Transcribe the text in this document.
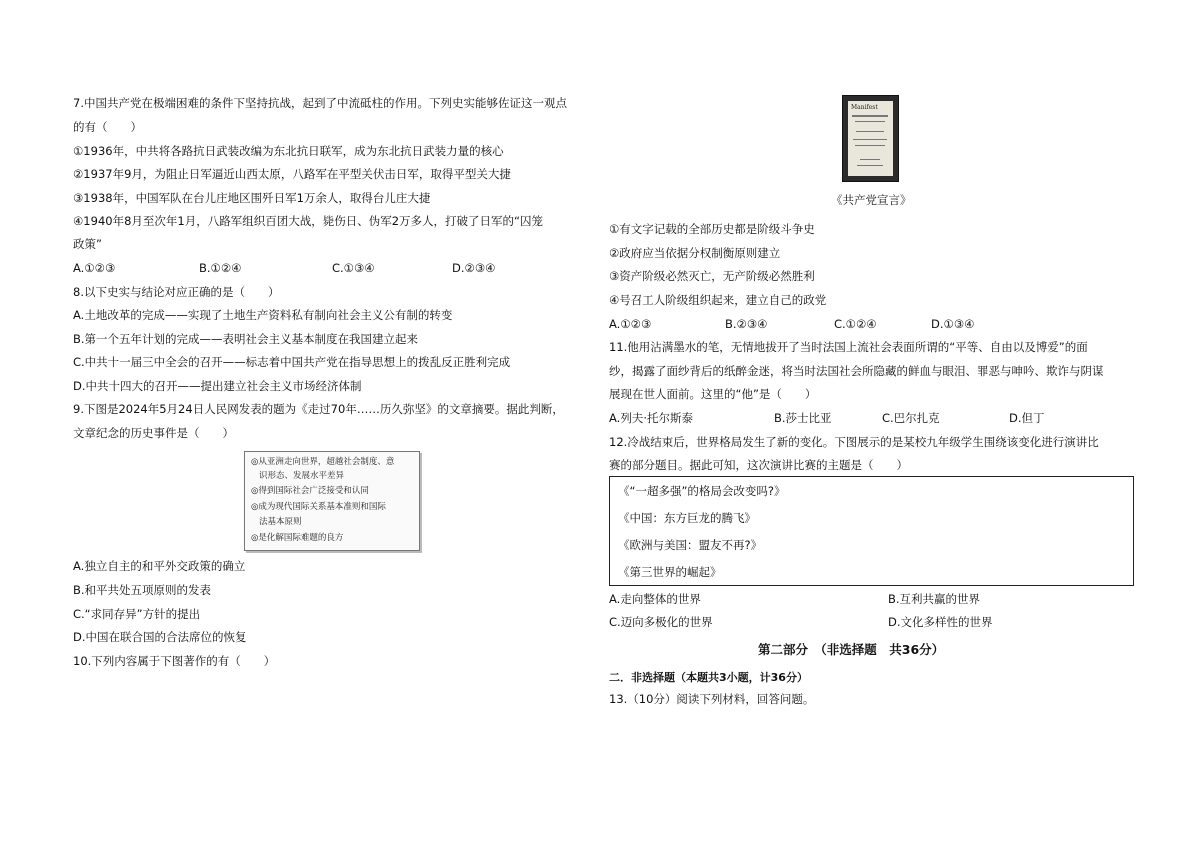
7.中国共产党在极端困难的条件下坚持抗战，起到了中流砥柱的作用。下列史实能够佐证这一观点
的有（　　）
①1936年，中共将各路抗日武装改编为东北抗日联军，成为东北抗日武装力量的核心
②1937年9月，为阻止日军逼近山西太原，八路军在平型关伏击日军，取得平型关大捷
③1938年，中国军队在台儿庄地区围歼日军1万余人，取得台儿庄大捷
④1940年8月至次年1月，八路军组织百团大战，毙伤日、伪军2万多人，打破了日军的“囚笼
政策”
A.①②③	B.①②④	C.①③④	D.②③④
8.以下史实与结论对应正确的是（　　）
A.土地改革的完成——实现了土地生产资料私有制向社会主义公有制的转变
B.第一个五年计划的完成——表明社会主义基本制度在我国建立起来
C.中共十一届三中全会的召开——标志着中国共产党在指导思想上的拨乱反正胜利完成
D.中共十四大的召开——提出建立社会主义市场经济体制
9.下图是2024年5月24日人民网发表的题为《走过70年……历久弥坚》的文章摘要。据此判断，
文章纪念的历史事件是（　　）
◎从亚洲走向世界，超越社会制度、意
识形态、发展水平差异
◎得到国际社会广泛接受和认同
◎成为现代国际关系基本准则和国际
法基本原则
◎是化解国际难题的良方
A.独立自主的和平外交政策的确立
B.和平共处五项原则的发表
C.“求同存异”方针的提出
D.中国在联合国的合法席位的恢复
10.下列内容属于下图著作的有（　　）
Manifest
《共产党宣言》
①有文字记载的全部历史都是阶级斗争史
②政府应当依据分权制衡原则建立
③资产阶级必然灭亡，无产阶级必然胜利
④号召工人阶级组织起来，建立自己的政党
A.①②③	B.②③④	C.①②④	D.①③④
11.他用沾满墨水的笔，无情地拔开了当时法国上流社会表面所谓的“平等、自由以及博爱”的面
纱，揭露了面纱背后的纸醉金迷，将当时法国社会所隐藏的鲜血与眼泪、罪恶与呻吟、欺诈与阴谋
展现在世人面前。这里的“他”是（　　）
A.列夫·托尔斯泰	B.莎士比亚	C.巴尔扎克	D.但丁
12.冷战结束后，世界格局发生了新的变化。下图展示的是某校九年级学生围绕该变化进行演讲比
赛的部分题目。据此可知，这次演讲比赛的主题是（　　）
《“一超多强”的格局会改变吗?》
《中国：东方巨龙的腾飞》
《欧洲与美国：盟友不再?》
《第三世界的崛起》
A.走向整体的世界	B.互利共赢的世界
C.迈向多极化的世界	D.文化多样性的世界
第二部分　（非选择题　共36分）
二．非选择题（本题共3小题，计36分）
13.（10分）阅读下列材料，回答问题。
